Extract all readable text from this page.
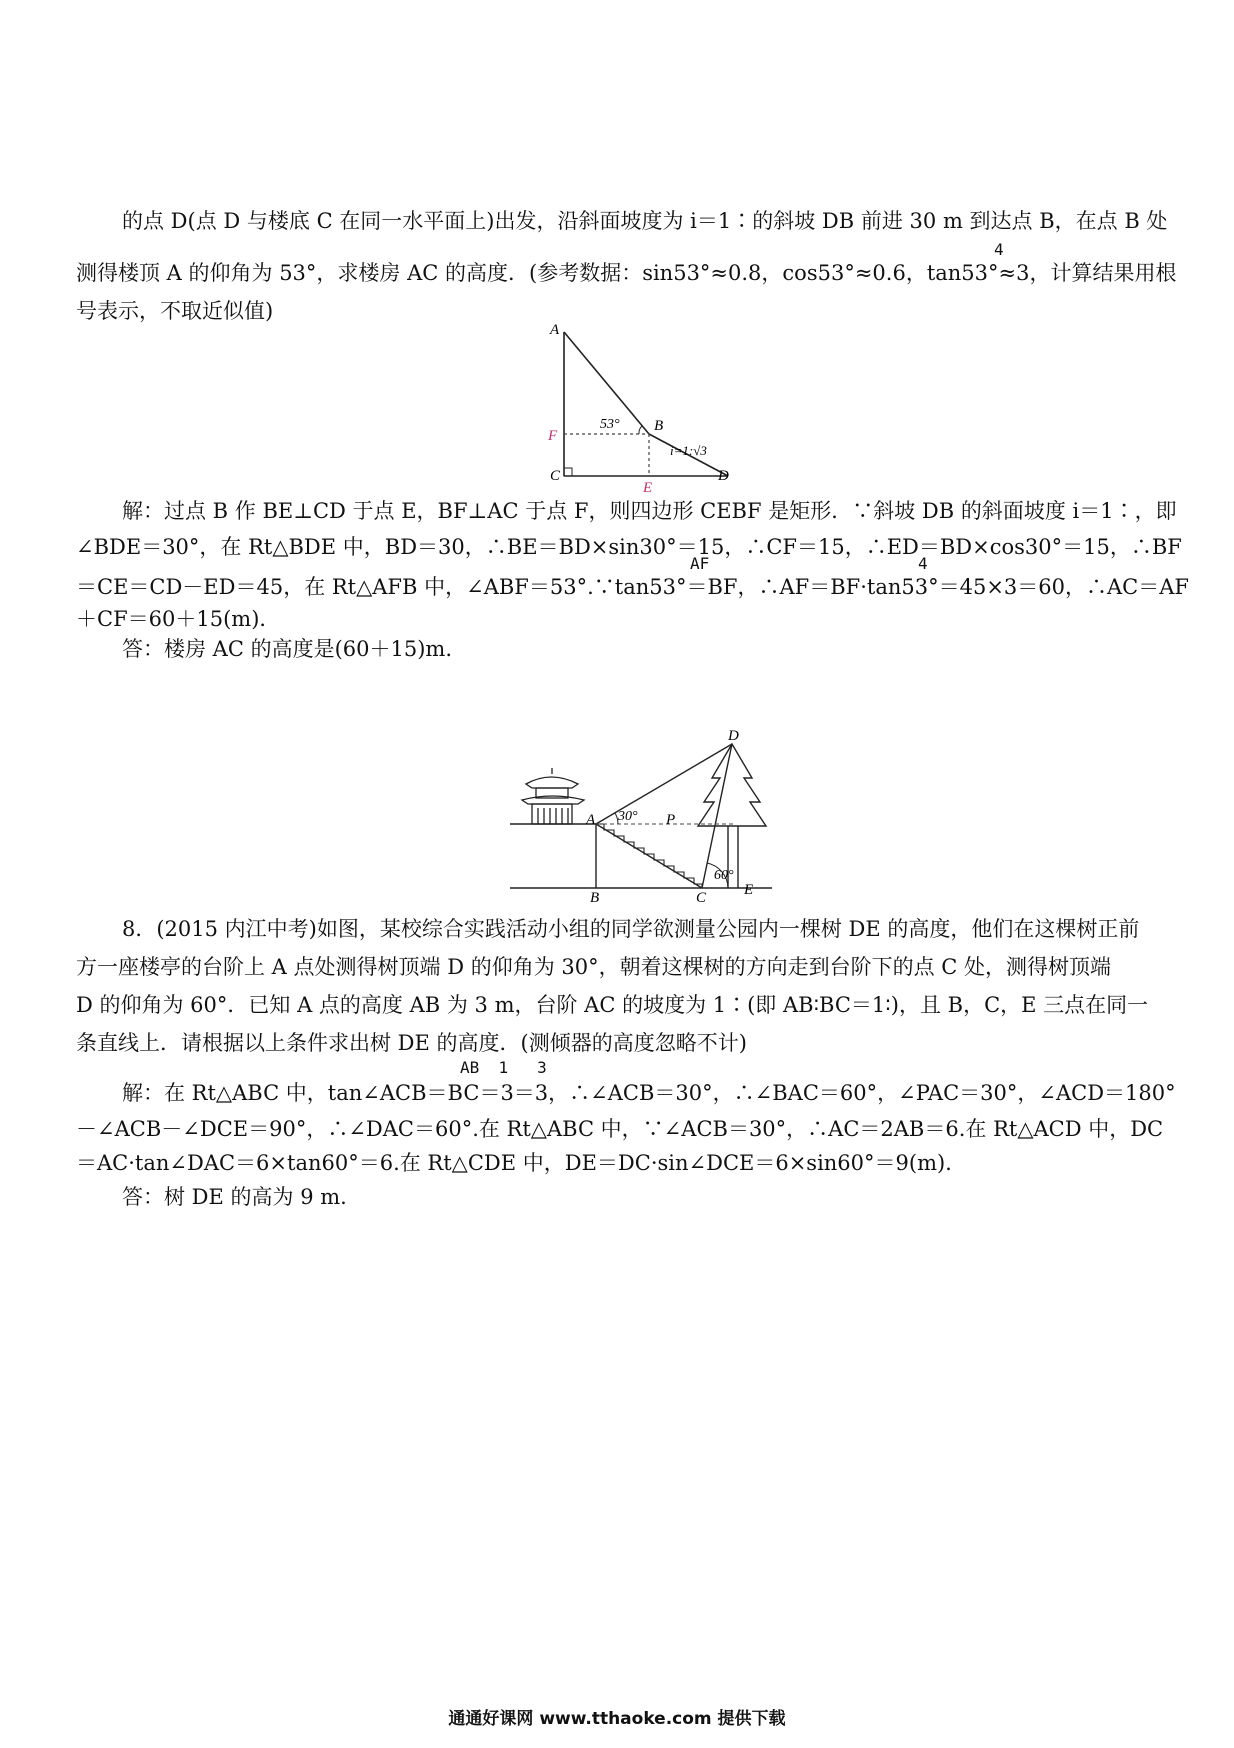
的点 D(点 D 与楼底 C 在同一水平面上)出发，沿斜面坡度为 i＝1∶的斜坡 DB 前进 30 m 到达点 B，在点 B 处
4
测得楼顶 A 的仰角为 53°，求楼房 AC 的高度．(参考数据：sin53°≈0.8，cos53°≈0.6，tan53°≈3，计算结果用根
号表示，不取近似值)
A
B
C	D
E
F
53°
i=1:√3
解：过点 B 作 BE⊥CD 于点 E，BF⊥AC 于点 F，则四边形 CEBF 是矩形．∵斜坡 DB 的斜面坡度 i＝1∶，即
∠BDE＝30°，在 Rt△BDE 中，BD＝30，∴BE＝BD×sin30°＝15，∴CF＝15，∴ED＝BD×cos30°＝15，∴BF
AF	4
＝CE＝CD－ED＝45，在 Rt△AFB 中，∠ABF＝53°.∵tan53°＝BF，∴AF＝BF·tan53°＝45×3＝60，∴AC＝AF
＋CF＝60＋15(m)．
答：楼房 AC 的高度是(60＋15)m.
30°
60°
A
B	C
D
E
P
8．(2015 内江中考)如图，某校综合实践活动小组的同学欲测量公园内一棵树 DE 的高度，他们在这棵树正前
方一座楼亭的台阶上 A 点处测得树顶端 D 的仰角为 30°，朝着这棵树的方向走到台阶下的点 C 处，测得树顶端
D 的仰角为 60°．已知 A 点的高度 AB 为 3 m，台阶 AC 的坡度为 1∶(即 AB∶BC＝1∶)，且 B，C，E 三点在同一
条直线上．请根据以上条件求出树 DE 的高度．(测倾器的高度忽略不计)
AB  1   3
解：在 Rt△ABC 中，tan∠ACB＝BC＝3＝3，∴∠ACB＝30°，∴∠BAC＝60°，∠PAC＝30°，∠ACD＝180°
－∠ACB－∠DCE＝90°，∴∠DAC＝60°.在 Rt△ABC 中，∵∠ACB＝30°，∴AC＝2AB＝6.在 Rt△ACD 中，DC
＝AC·tan∠DAC＝6×tan60°＝6.在 Rt△CDE 中，DE＝DC·sin∠DCE＝6×sin60°＝9(m)．
答：树 DE 的高为 9 m.
通通好课网 www.tthaoke.com 提供下载
